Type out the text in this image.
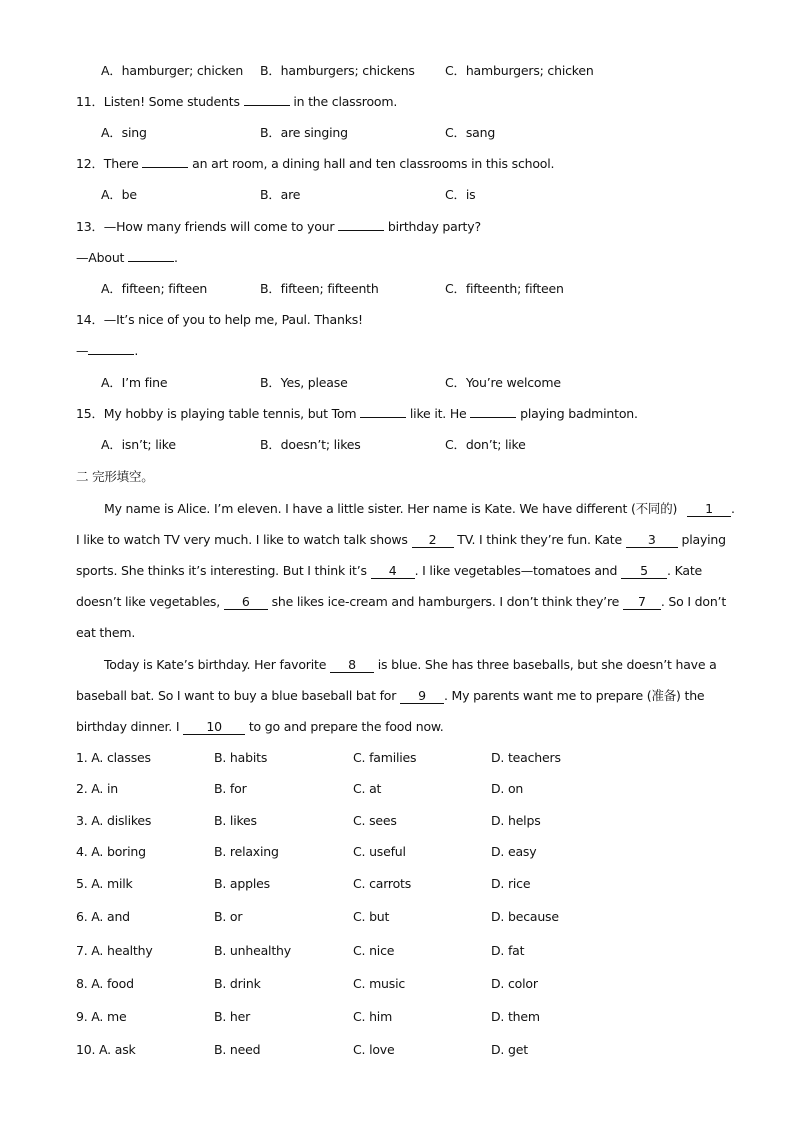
A．hamburger; chicken B．hamburgers; chickens C．hamburgers; chicken
11．Listen! Some students	in the classroom.
A．sing	B．are singing	C．sang
12．There	an art room, a dining hall and ten classrooms in this school.
A．be	B．are	C．is
13．—How many friends will come to your	birthday party?
—About	.
A．fifteen; fifteen	B．fifteen; fifteenth	C．fifteenth; fifteen
14．—It’s nice of you to help me, Paul. Thanks!
—	.
A．I’m fine	B．Yes, please	C．You’re welcome
15．My hobby is playing table tennis, but Tom	like it. He	playing badminton.
A．isn’t; like	B．doesn’t; likes	C．don’t; like
二 完形填空。
My name is Alice. I’m eleven. I have a little sister. Her name is Kate. We have different (不同的) 1 .
I like to watch TV very much. I like to watch talk shows 2 TV. I think they’re fun. Kate 3 playing
sports. She thinks it’s interesting. But I think it’s 4 . I like vegetables—tomatoes and 5 . Kate
doesn’t like vegetables, 6 she likes ice-cream and hamburgers. I don’t think they’re 7 . So I don’t
eat them.
Today is Kate’s birthday. Her favorite 8 is blue. She has three baseballs, but she doesn’t have a
baseball bat. So I want to buy a blue baseball bat for 9 . My parents want me to prepare (准备) the
birthday dinner. I 10 to go and prepare the food now.
1. A. classes	B. habits	C. families	D. teachers
2. A. in	B. for	C. at	D. on
3. A. dislikes	B. likes	C. sees	D. helps
4. A. boring	B. relaxing	C. useful	D. easy
5. A. milk	B. apples	C. carrots	D. rice
6. A. and	B. or	C. but	D. because
7. A. healthy	B. unhealthy	C. nice	D. fat
8. A. food	B. drink	C. music	D. color
9. A. me	B. her	C. him	D. them
10. A. ask	B. need	C. love	D. get
